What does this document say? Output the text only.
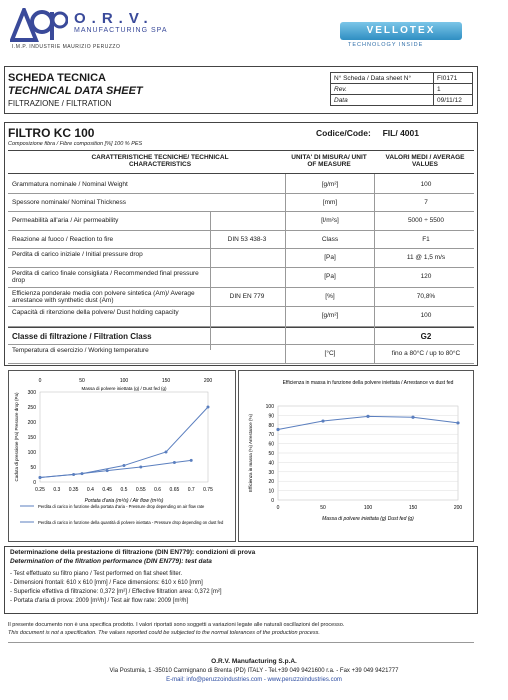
O.R.V.
MANUFACTURING SPA
I.M.P. INDUSTRIE MAURIZIO PERUZZO
VELLOTEX
TECHNOLOGY INSIDE
SCHEDA TECNICA
TECHNICAL DATA SHEET
FILTRAZIONE / FILTRATION
N° Scheda / Data sheet N°	FI0171
Rev.	1
Data	09/11/12
FILTRO KC 100	Codice/Code: FIL/ 4001
Composizione fibra / Fibre composition [%] 100 % PES
CARATTERISTICHE TECNICHE/ TECHNICAL CHARACTERISTICS
UNITA' DI MISURA/ UNIT OF MEASURE
VALORI MEDI / AVERAGE VALUES
Grammatura nominale / Nominal Weight	[g/m²]	100
Spessore nominale/ Nominal Thickness	[mm]	7
Permeabilità all'aria / Air permeability	[l/m²s]	5000 ÷ 5500
Reazione al fuoco / Reaction to fire	DIN 53 438-3	Class	F1
Perdita di carico iniziale / Initial pressure drop	[Pa]	11 @ 1,5 m/s
Perdita di carico finale consigliata / Recommended final pressure drop
[Pa]	120
Efficienza ponderale media con polvere sintetica (Am)/ Average arrestance with synthetic dust (Am)
DIN EN 779	[%]	70,8%
Capacità di ritenzione della polvere/ Dust holding capacity	[g/m²]	100
Classe di filtrazione / Filtration Class	G2
Temperatura di esercizio / Working temperature	[°C]	fino a 80°C / up to 80°C
0
50
100
150
200
250
300
0.25 0.3 0.35 0.4 0.45 0.5 0.55 0.6 0.65 0.7 0.75
0	50	100	150	200
Massa di polvere iniettata (g) / Dust fed (g)
Portata d'aria (m³/s) / Air flow (m³/s)
Caduta di pressione (Pa) Pressure drop (Pa)
Perdita di carico in funzione della portata d'aria - Pressure drop depending on air flow rate
Perdita di carico in funzione della quantità di polvere iniettata - Pressure drop depending on dust fed
Efficienza in massa in funzione della polvere iniettata / Arrestance vs dust fed
0
10
20
30
40
50
60
70
80
90
100
0	50	100	150	200
Massa di polvere iniettata (g) Dust fed (g)
Efficienza in massa (%) Arrestance (%)
Determinazione della prestazione di filtrazione (DIN EN779): condizioni di prova
Determination of the filtration performance (DIN EN779): test data
- Test effettuato su filtro piano / Test performed on flat sheet filter.
- Dimensioni frontali: 610 x 610 [mm] / Face dimensions: 610 x 610 [mm]
- Superficie effettiva di filtrazione: 0,372 [m²] / Effective filtration area: 0,372 [m²]
- Portata d'aria di prova: 2009 [m³/h] / Test air flow rate: 2009 [m³/h]
Il presente documento non è una specifica prodotto. I valori riportati sono soggetti a variazioni legate alle naturali oscillazioni del processo.
This document is not a specification. The values reported could be subjected to the normal tolerances of the production process.
O.R.V. Manufacturing S.p.A.
Via Postumia, 1 -35010 Carmignano di Brenta (PD) ITALY - Tel.+39 049 9421600 r.a. - Fax +39 049 9421777
E-mail: info@peruzzoindustries.com - www.peruzzoindustries.com
